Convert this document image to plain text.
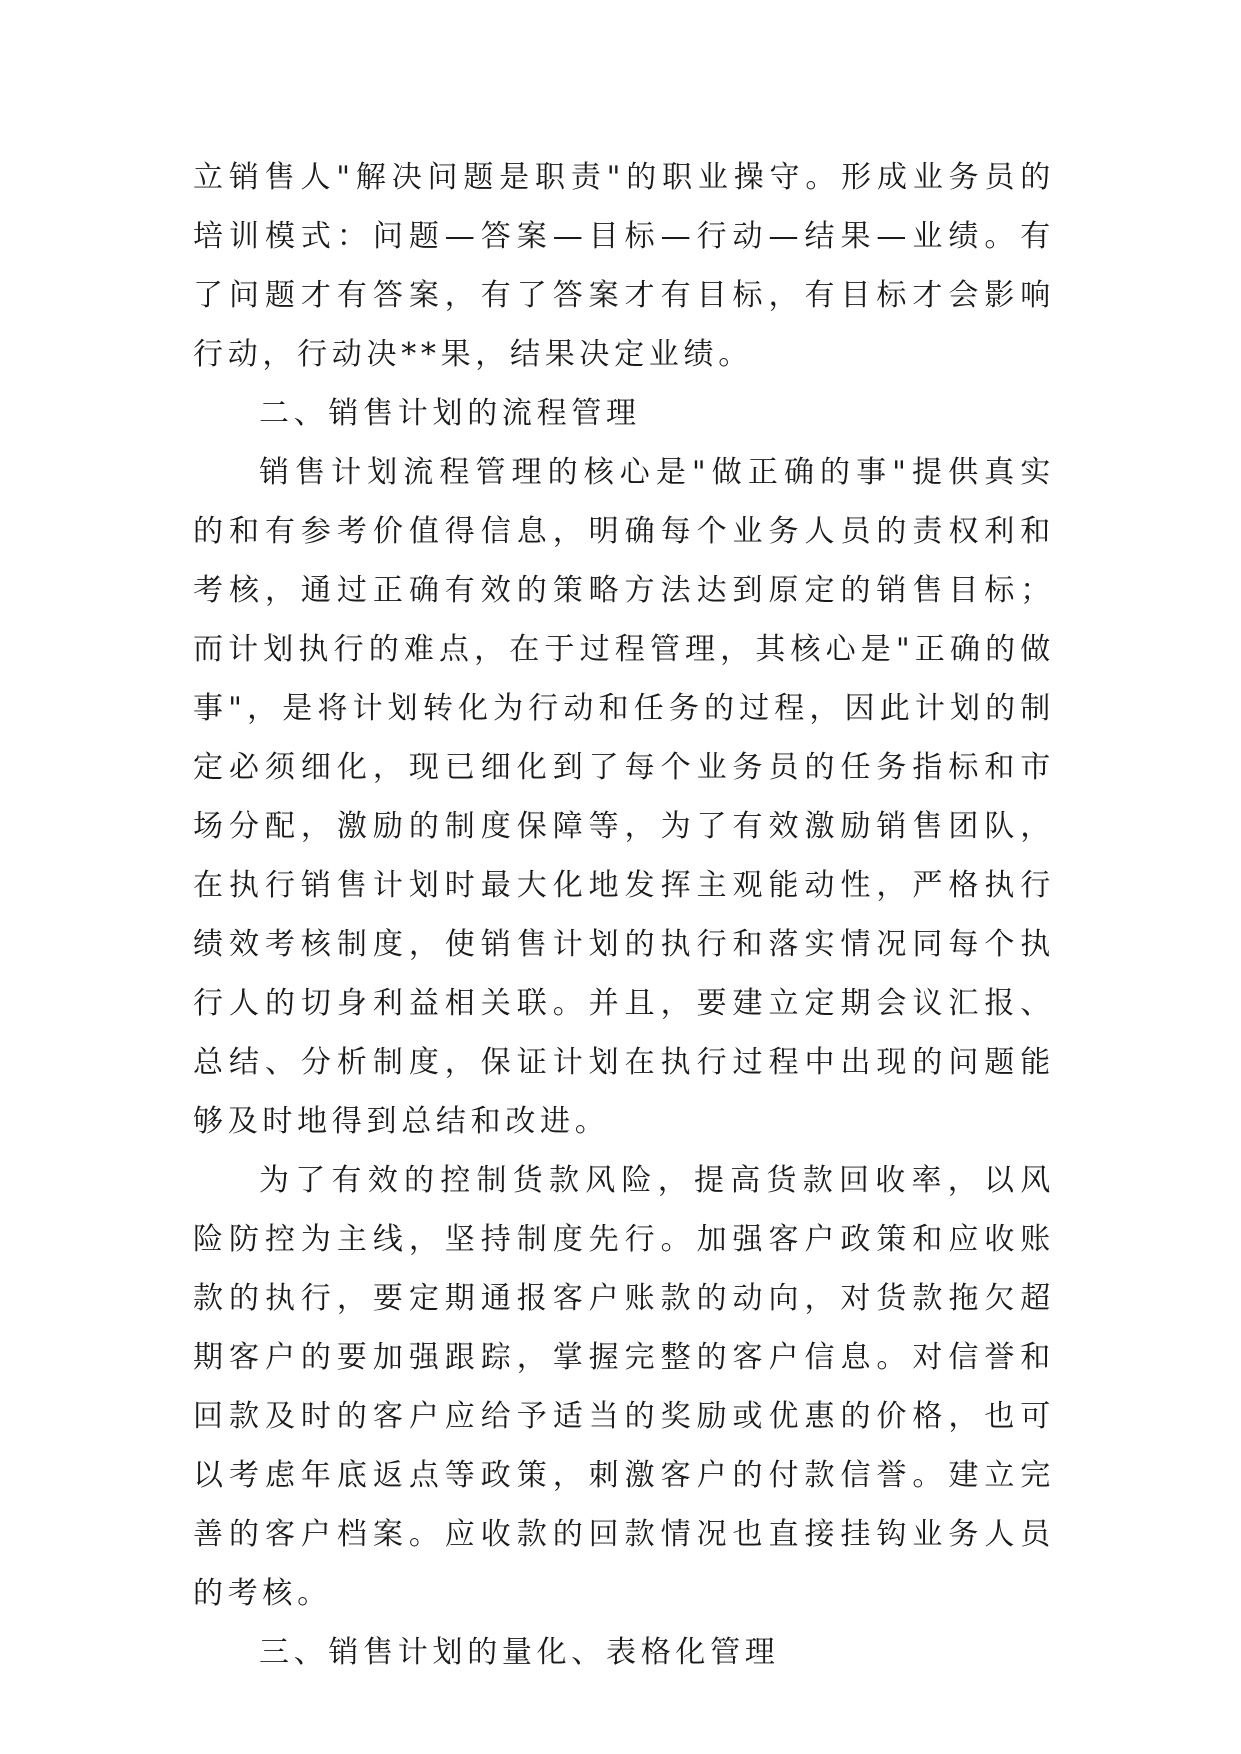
立销售人"解决问题是职责"的职业操守。形成业务员的培训模式：问题—答案—目标—行动—结果—业绩。有了问题才有答案，有了答案才有目标，有目标才会影响行动，行动决**果，结果决定业绩。

二、销售计划的流程管理

销售计划流程管理的核心是"做正确的事"提供真实的和有参考价值得信息，明确每个业务人员的责权利和考核，通过正确有效的策略方法达到原定的销售目标；而计划执行的难点，在于过程管理，其核心是"正确的做事"，是将计划转化为行动和任务的过程，因此计划的制定必须细化，现已细化到了每个业务员的任务指标和市场分配，激励的制度保障等，为了有效激励销售团队，在执行销售计划时最大化地发挥主观能动性，严格执行绩效考核制度，使销售计划的执行和落实情况同每个执行人的切身利益相关联。并且，要建立定期会议汇报、总结、分析制度，保证计划在执行过程中出现的问题能够及时地得到总结和改进。

为了有效的控制货款风险，提高货款回收率，以风险防控为主线，坚持制度先行。加强客户政策和应收账款的执行，要定期通报客户账款的动向，对货款拖欠超期客户的要加强跟踪，掌握完整的客户信息。对信誉和回款及时的客户应给予适当的奖励或优惠的价格，也可以考虑年底返点等政策，刺激客户的付款信誉。建立完善的客户档案。应收款的回款情况也直接挂钩业务人员的考核。

三、销售计划的量化、表格化管理
